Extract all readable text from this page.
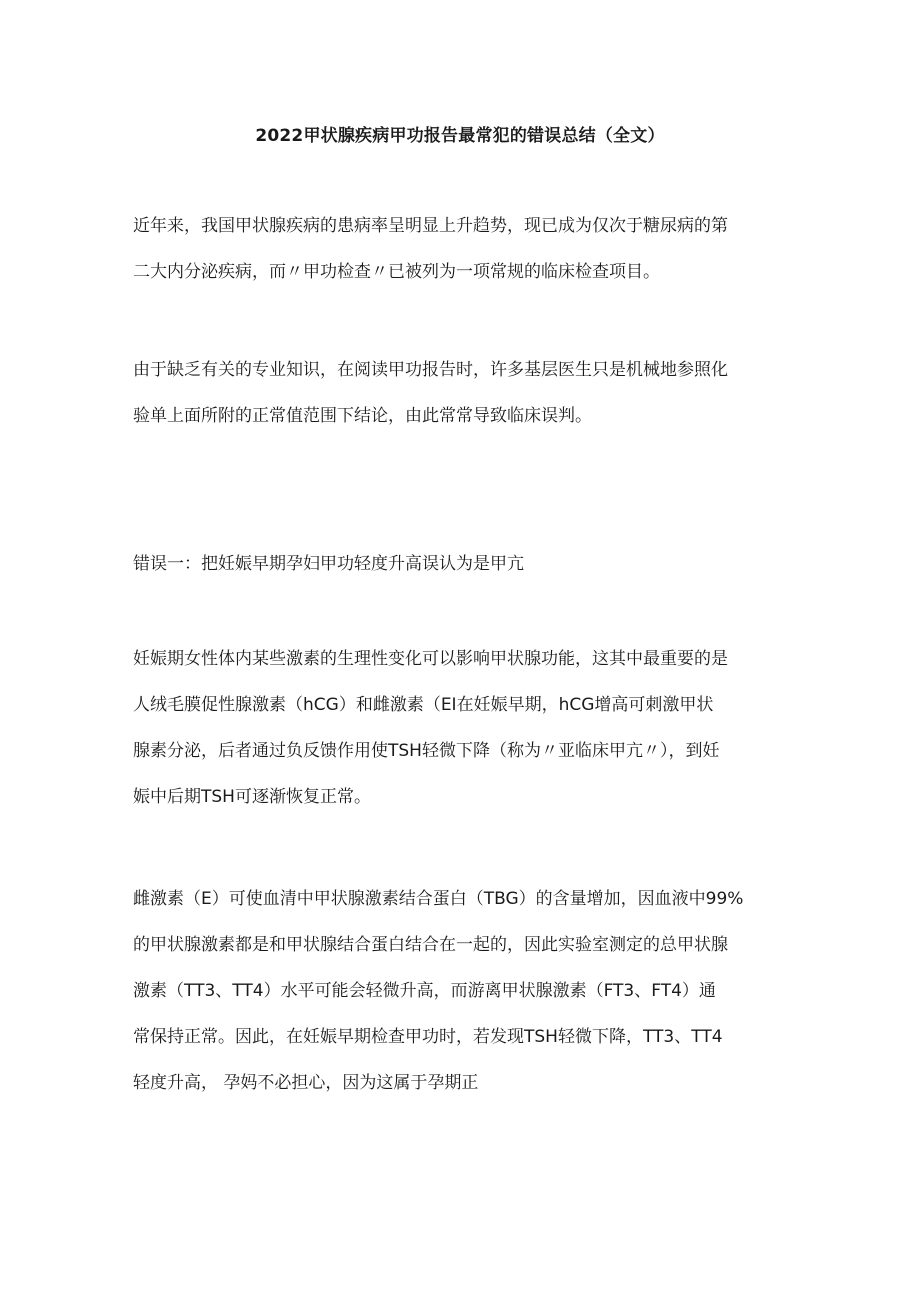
2022甲状腺疾病甲功报告最常犯的错误总结（全文）
近年来，我国甲状腺疾病的患病率呈明显上升趋势，现已成为仅次于糖尿病的第
二大内分泌疾病，而〃甲功检查〃已被列为一项常规的临床检查项目。
由于缺乏有关的专业知识，在阅读甲功报告时，许多基层医生只是机械地参照化
验单上面所附的正常值范围下结论，由此常常导致临床误判。
错误一：把妊娠早期孕妇甲功轻度升高误认为是甲亢
妊娠期女性体内某些激素的生理性变化可以影响甲状腺功能，这其中最重要的是
人绒毛膜促性腺激素（hCG）和雌激素（EI在妊娠早期，hCG增高可刺激甲状
腺素分泌，后者通过负反馈作用使TSH轻微下降（称为〃亚临床甲亢〃），到妊
娠中后期TSH可逐渐恢复正常。
雌激素（E）可使血清中甲状腺激素结合蛋白（TBG）的含量增加，因血液中99%
的甲状腺激素都是和甲状腺结合蛋白结合在一起的，因此实验室测定的总甲状腺
激素（TT3、TT4）水平可能会轻微升高，而游离甲状腺激素（FT3、FT4）通
常保持正常。因此，在妊娠早期检查甲功时，若发现TSH轻微下降，TT3、TT4
轻度升高， 孕妈不必担心，因为这属于孕期正
